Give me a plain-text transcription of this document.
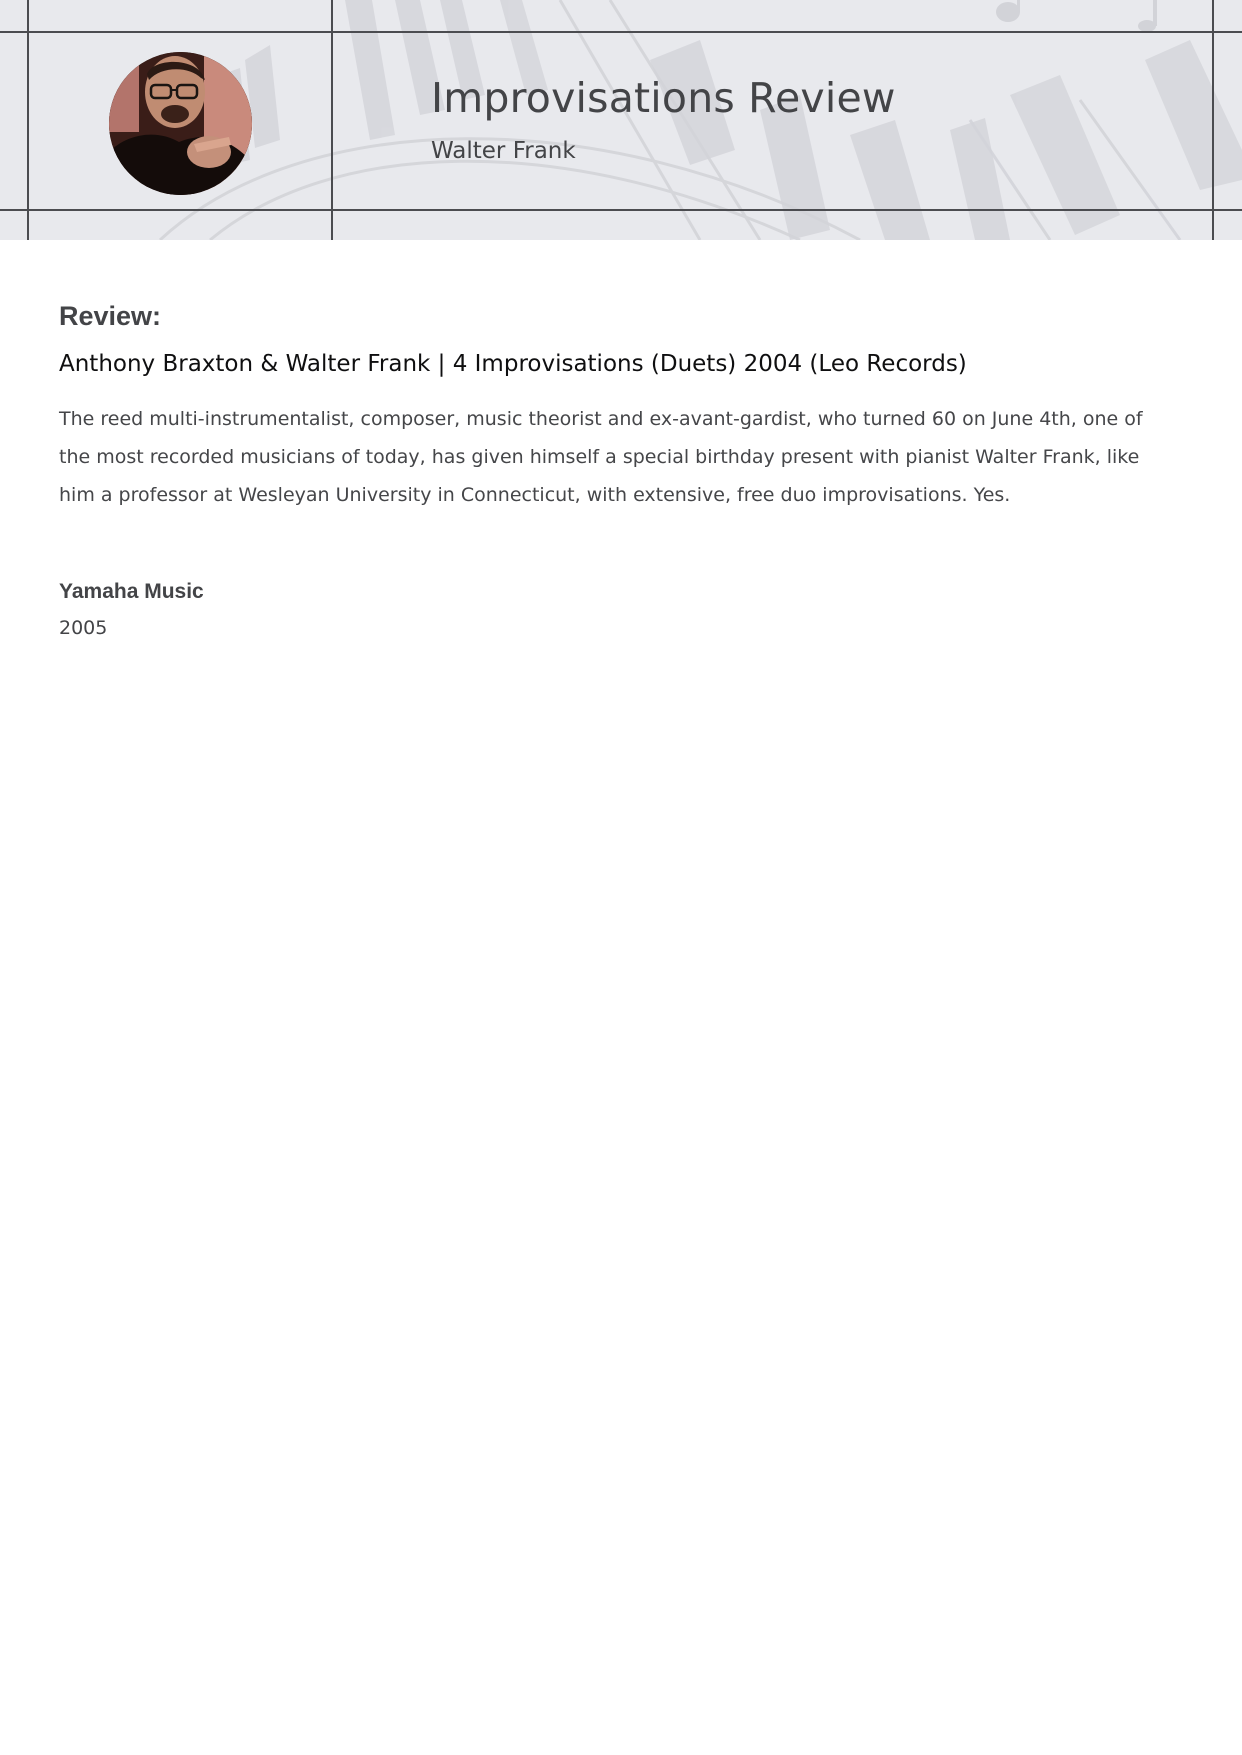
Improvisations Review

Walter Frank

Review:
Anthony Braxton & Walter Frank | 4 Improvisations (Duets) 2004 (Leo Records)

The reed multi-instrumentalist, composer, music theorist and ex-avant-gardist, who turned 60 on June 4th, one of the most recorded musicians of today, has given himself a special birthday present with pianist Walter Frank, like him a professor at Wesleyan University in Connecticut, with extensive, free duo improvisations. Yes.

Yamaha Music

2005
